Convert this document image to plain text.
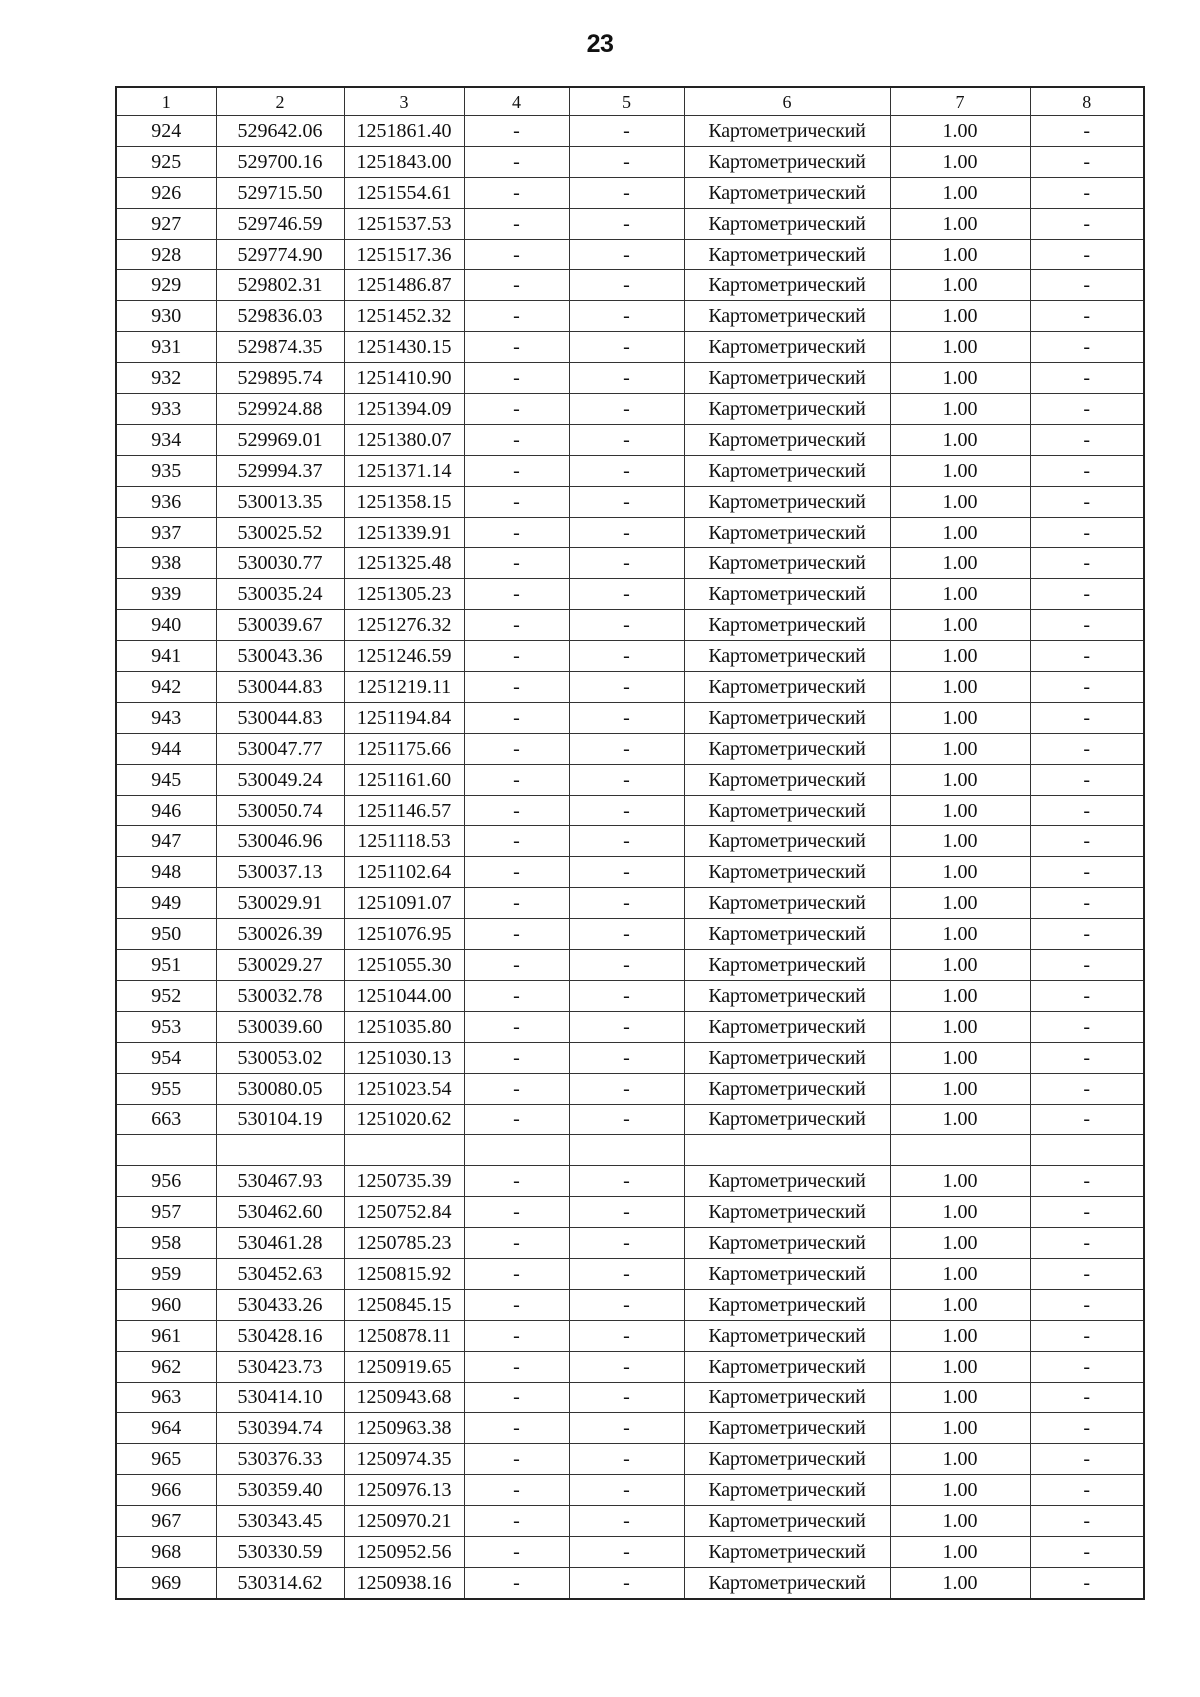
23
1	2	3	4	5	6	7	8
924	529642.06	1251861.40	-	-	Картометрический	1.00	-
925	529700.16	1251843.00	-	-	Картометрический	1.00	-
926	529715.50	1251554.61	-	-	Картометрический	1.00	-
927	529746.59	1251537.53	-	-	Картометрический	1.00	-
928	529774.90	1251517.36	-	-	Картометрический	1.00	-
929	529802.31	1251486.87	-	-	Картометрический	1.00	-
930	529836.03	1251452.32	-	-	Картометрический	1.00	-
931	529874.35	1251430.15	-	-	Картометрический	1.00	-
932	529895.74	1251410.90	-	-	Картометрический	1.00	-
933	529924.88	1251394.09	-	-	Картометрический	1.00	-
934	529969.01	1251380.07	-	-	Картометрический	1.00	-
935	529994.37	1251371.14	-	-	Картометрический	1.00	-
936	530013.35	1251358.15	-	-	Картометрический	1.00	-
937	530025.52	1251339.91	-	-	Картометрический	1.00	-
938	530030.77	1251325.48	-	-	Картометрический	1.00	-
939	530035.24	1251305.23	-	-	Картометрический	1.00	-
940	530039.67	1251276.32	-	-	Картометрический	1.00	-
941	530043.36	1251246.59	-	-	Картометрический	1.00	-
942	530044.83	1251219.11	-	-	Картометрический	1.00	-
943	530044.83	1251194.84	-	-	Картометрический	1.00	-
944	530047.77	1251175.66	-	-	Картометрический	1.00	-
945	530049.24	1251161.60	-	-	Картометрический	1.00	-
946	530050.74	1251146.57	-	-	Картометрический	1.00	-
947	530046.96	1251118.53	-	-	Картометрический	1.00	-
948	530037.13	1251102.64	-	-	Картометрический	1.00	-
949	530029.91	1251091.07	-	-	Картометрический	1.00	-
950	530026.39	1251076.95	-	-	Картометрический	1.00	-
951	530029.27	1251055.30	-	-	Картометрический	1.00	-
952	530032.78	1251044.00	-	-	Картометрический	1.00	-
953	530039.60	1251035.80	-	-	Картометрический	1.00	-
954	530053.02	1251030.13	-	-	Картометрический	1.00	-
955	530080.05	1251023.54	-	-	Картометрический	1.00	-
663	530104.19	1251020.62	-	-	Картометрический	1.00	-

956	530467.93	1250735.39	-	-	Картометрический	1.00	-
957	530462.60	1250752.84	-	-	Картометрический	1.00	-
958	530461.28	1250785.23	-	-	Картометрический	1.00	-
959	530452.63	1250815.92	-	-	Картометрический	1.00	-
960	530433.26	1250845.15	-	-	Картометрический	1.00	-
961	530428.16	1250878.11	-	-	Картометрический	1.00	-
962	530423.73	1250919.65	-	-	Картометрический	1.00	-
963	530414.10	1250943.68	-	-	Картометрический	1.00	-
964	530394.74	1250963.38	-	-	Картометрический	1.00	-
965	530376.33	1250974.35	-	-	Картометрический	1.00	-
966	530359.40	1250976.13	-	-	Картометрический	1.00	-
967	530343.45	1250970.21	-	-	Картометрический	1.00	-
968	530330.59	1250952.56	-	-	Картометрический	1.00	-
969	530314.62	1250938.16	-	-	Картометрический	1.00	-
